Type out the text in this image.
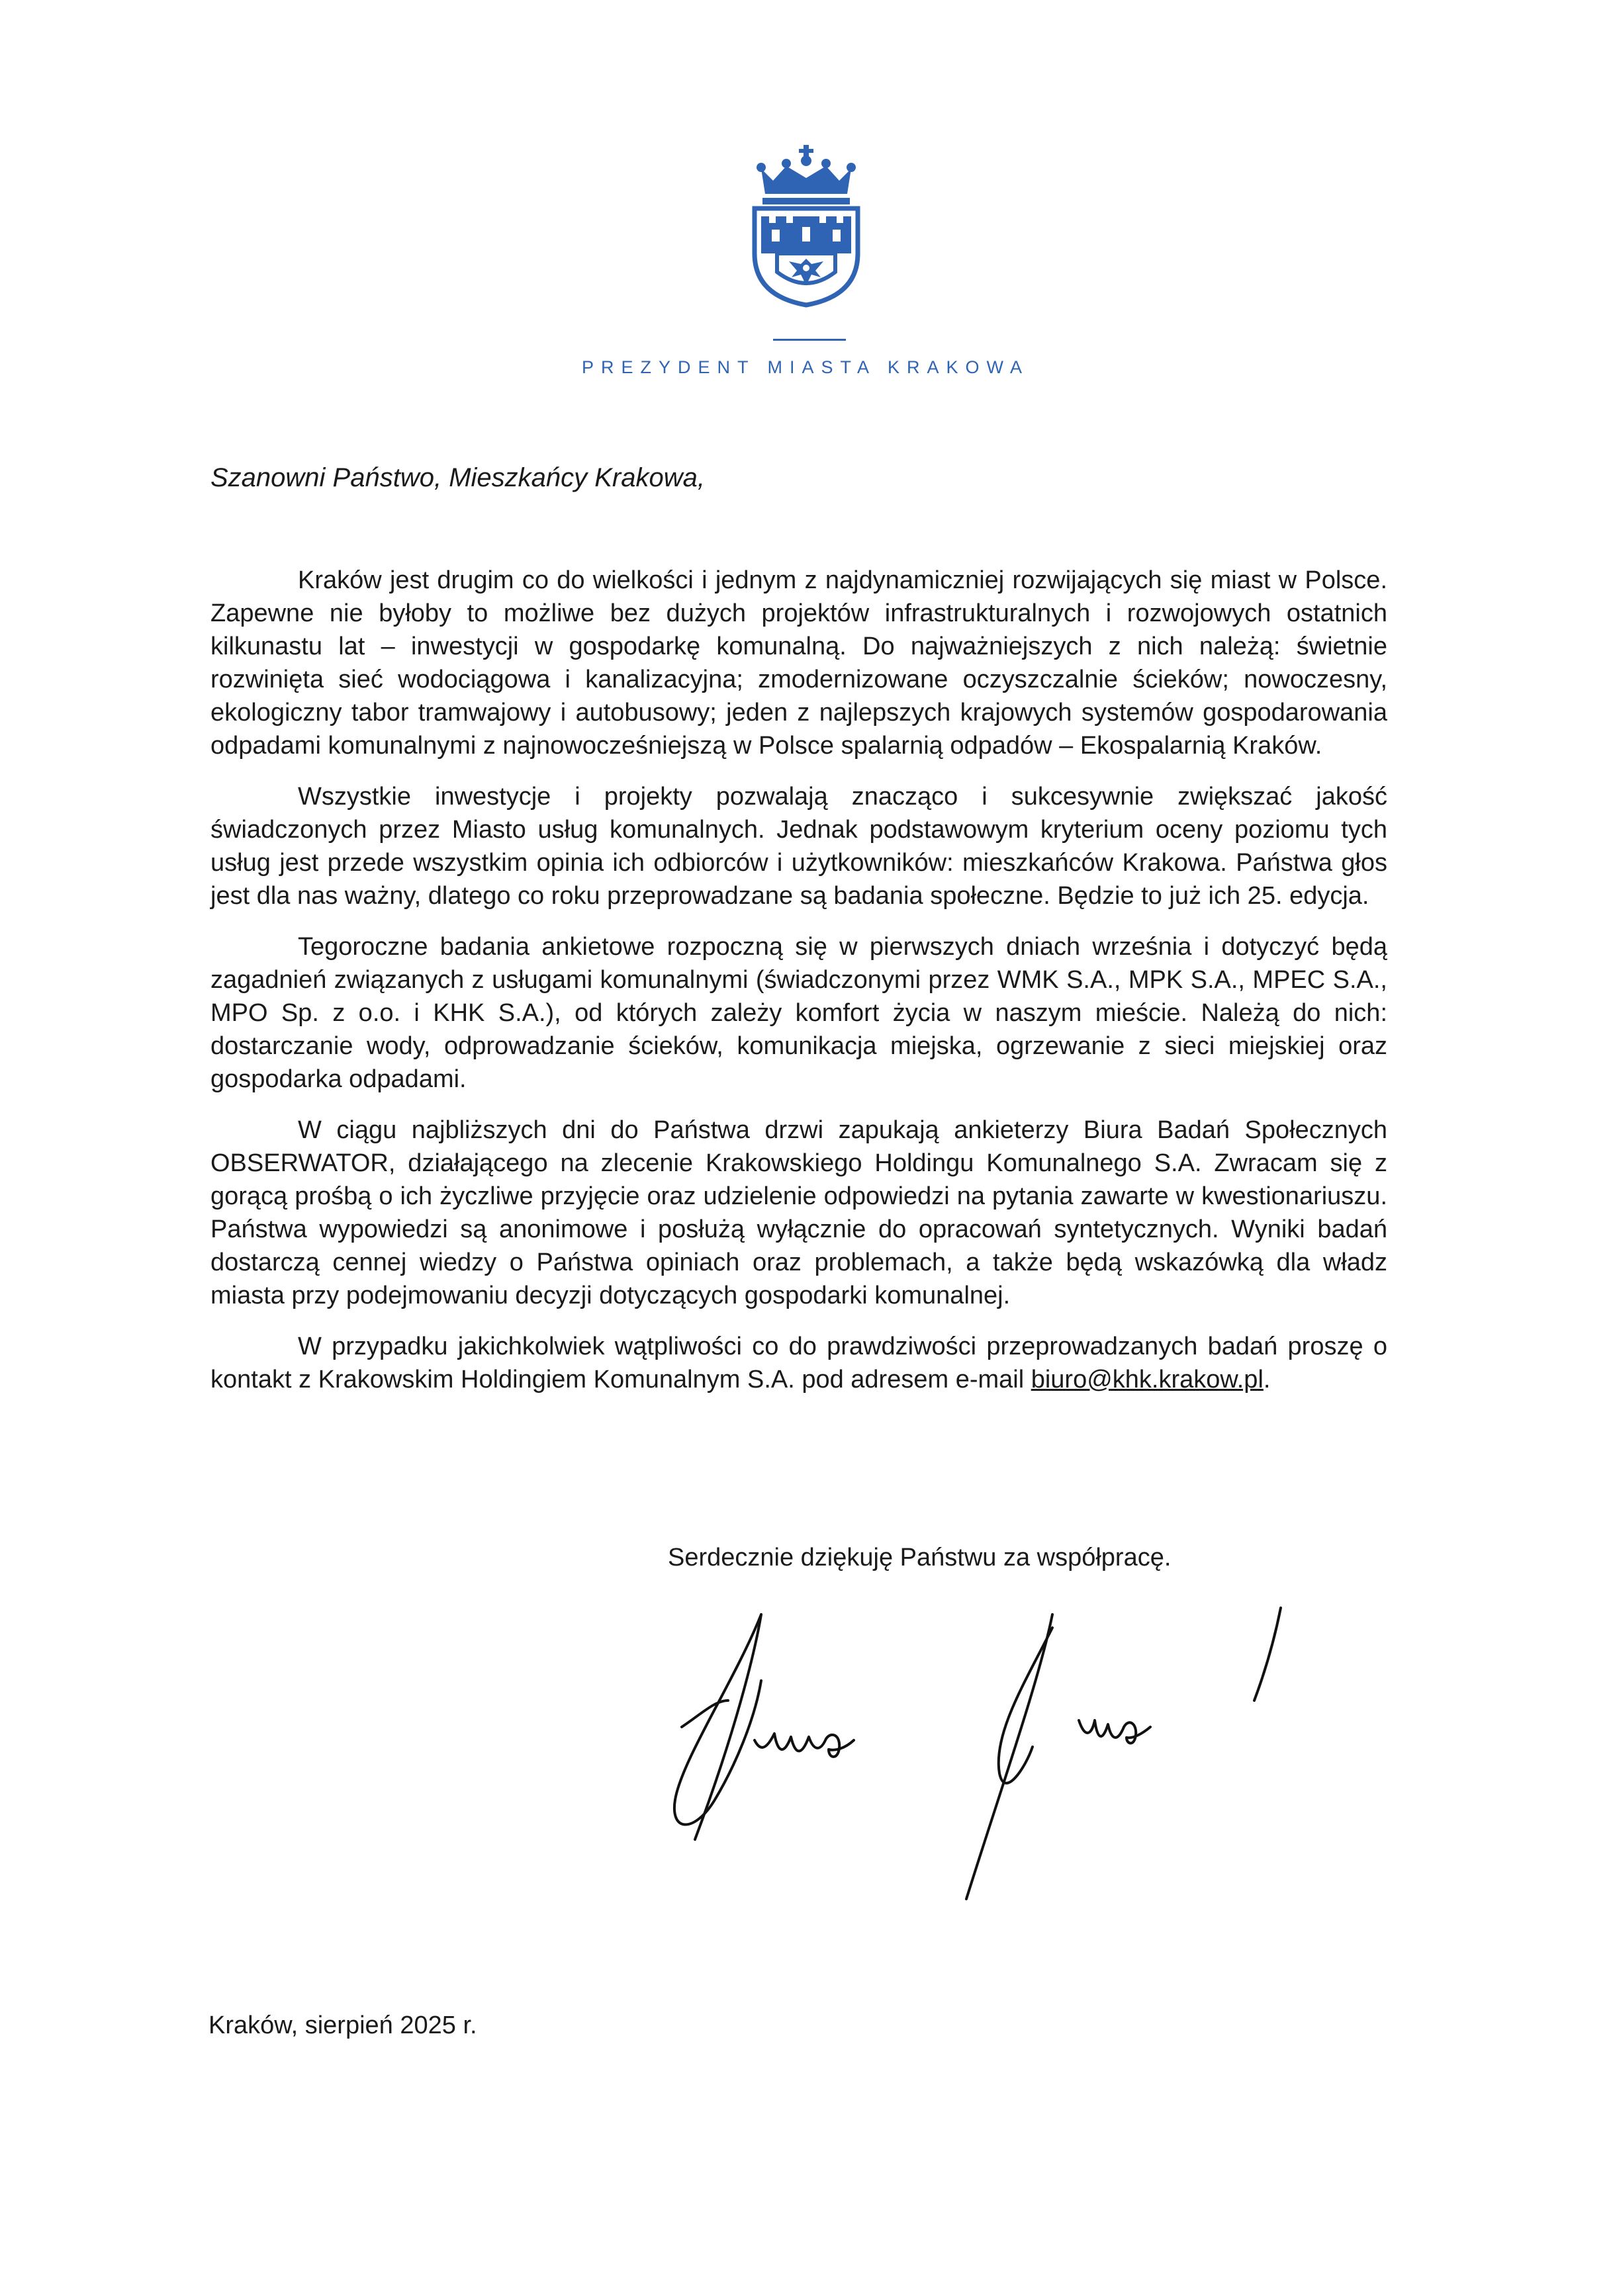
PREZYDENT MIASTA KRAKOWA
Szanowni Państwo, Mieszkańcy Krakowa,

Kraków jest drugim co do wielkości i jednym z najdynamiczniej rozwijających się miast w Polsce. Zapewne nie byłoby to możliwe bez dużych projektów infrastrukturalnych i rozwojowych ostatnich kilkunastu lat – inwestycji w gospodarkę komunalną. Do najważniejszych z nich należą: świetnie rozwinięta sieć wodociągowa i kanalizacyjna; zmodernizowane oczyszczalnie ścieków; nowoczesny, ekologiczny tabor tramwajowy i autobusowy; jeden z najlepszych krajowych systemów gospodarowania odpadami komunalnymi z najnowocześniejszą w Polsce spalarnią odpadów – Ekospalarnią Kraków.

Wszystkie inwestycje i projekty pozwalają znacząco i sukcesywnie zwiększać jakość świadczonych przez Miasto usług komunalnych. Jednak podstawowym kryterium oceny poziomu tych usług jest przede wszystkim opinia ich odbiorców i użytkowników: mieszkańców Krakowa. Państwa głos jest dla nas ważny, dlatego co roku przeprowadzane są badania społeczne. Będzie to już ich 25. edycja.

Tegoroczne badania ankietowe rozpoczną się w pierwszych dniach września i dotyczyć będą zagadnień związanych z usługami komunalnymi (świadczonymi przez WMK S.A., MPK S.A., MPEC S.A., MPO Sp. z o.o. i KHK S.A.), od których zależy komfort życia w naszym mieście. Należą do nich: dostarczanie wody, odprowadzanie ścieków, komunikacja miejska, ogrzewanie z sieci miejskiej oraz gospodarka odpadami.

W ciągu najbliższych dni do Państwa drzwi zapukają ankieterzy Biura Badań Społecznych OBSERWATOR, działającego na zlecenie Krakowskiego Holdingu Komunalnego S.A. Zwracam się z gorącą prośbą o ich życzliwe przyjęcie oraz udzielenie odpowiedzi na pytania zawarte w kwestionariuszu. Państwa wypowiedzi są anonimowe i posłużą wyłącznie do opracowań syntetycznych. Wyniki badań dostarczą cennej wiedzy o Państwa opiniach oraz problemach, a także będą wskazówką dla władz miasta przy podejmowaniu decyzji dotyczących gospodarki komunalnej.

W przypadku jakichkolwiek wątpliwości co do prawdziwości przeprowadzanych badań proszę o kontakt z Krakowskim Holdingiem Komunalnym S.A. pod adresem e-mail biuro@khk.krakow.pl.

Serdecznie dziękuję Państwu za współpracę.
Kraków, sierpień 2025 r.
